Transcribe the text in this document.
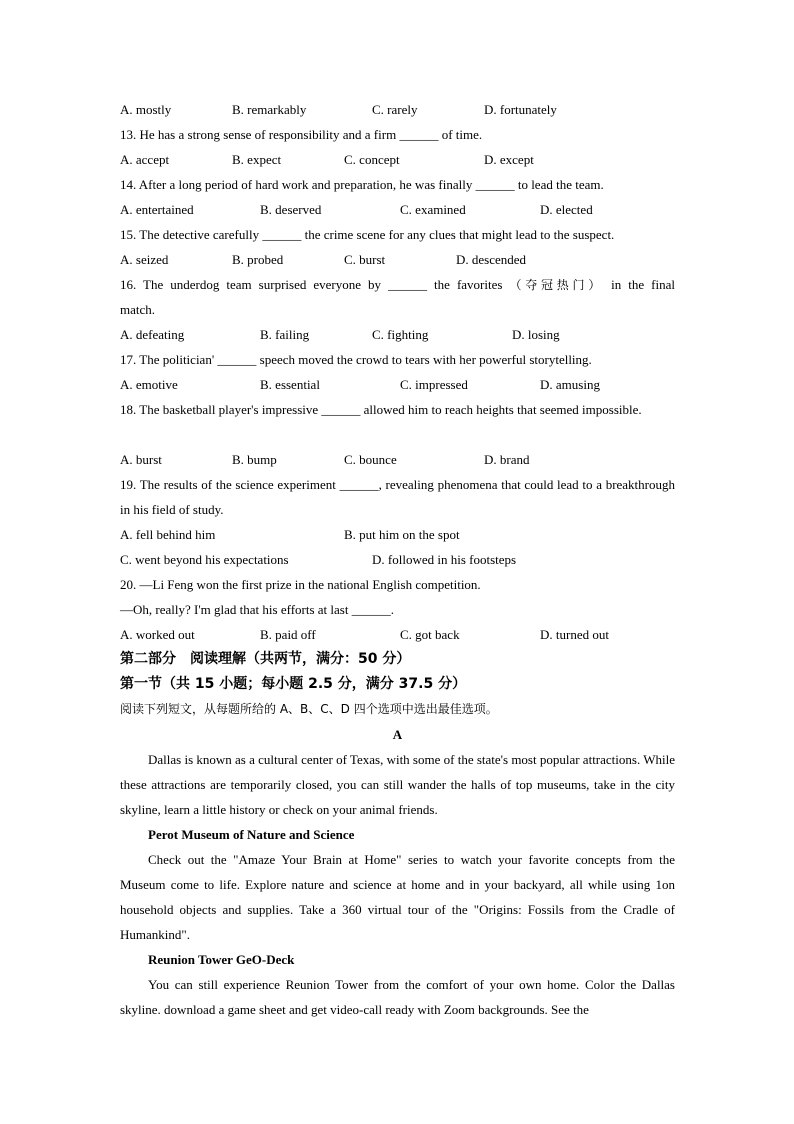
A. mostly	B. remarkably	C. rarely	D. fortunately
13. He has a strong sense of responsibility and a firm ______ of time.
A. accept	B. expect	C. concept	D. except
14. After a long period of hard work and preparation, he was finally ______ to lead the team.
A. entertained	B. deserved	C. examined	D. elected
15. The detective carefully ______ the crime scene for any clues that might lead to the suspect.
A. seized	B. probed	C. burst	D. descended
16. The underdog team surprised everyone by ______ the favorites （夺冠热门） in the final
match.
A. defeating	B. failing	C. fighting	D. losing
17. The politician' ______ speech moved the crowd to tears with her powerful storytelling.
A. emotive	B. essential	C. impressed	D. amusing
18. The basketball player's impressive ______ allowed him to reach heights that seemed impossible.
A. burst	B. bump	C. bounce	D. brand
19. The results of the science experiment ______, revealing phenomena that could lead to a breakthrough in his field of study.
A. fell behind him	B. put him on the spot
C. went beyond his expectations	D. followed in his footsteps
20. —Li Feng won the first prize in the national English competition.
—Oh, really? I'm glad that his efforts at last ______.
A. worked out	B. paid off	C. got back	D. turned out
第二部分　阅读理解（共两节，满分：50 分）
第一节（共 15 小题；每小题 2.5 分，满分 37.5 分）
阅读下列短文，从每题所给的 A、B、C、D 四个选项中选出最佳选项。
A
Dallas is known as a cultural center of Texas, with some of the state's most popular attractions. While these attractions are temporarily closed, you can still wander the halls of top museums, take in the city skyline, learn a little history or check on your animal friends.
Perot Museum of Nature and Science
Check out the "Amaze Your Brain at Home" series to watch your favorite concepts from the Museum come to life. Explore nature and science at home and in your backyard, all while using 1on household objects and supplies. Take a 360 virtual tour of the "Origins: Fossils from the Cradle of Humankind".
Reunion Tower GeO-Deck
You can still experience Reunion Tower from the comfort of your own home. Color the Dallas skyline. download a game sheet and get video-call ready with Zoom backgrounds. See the
